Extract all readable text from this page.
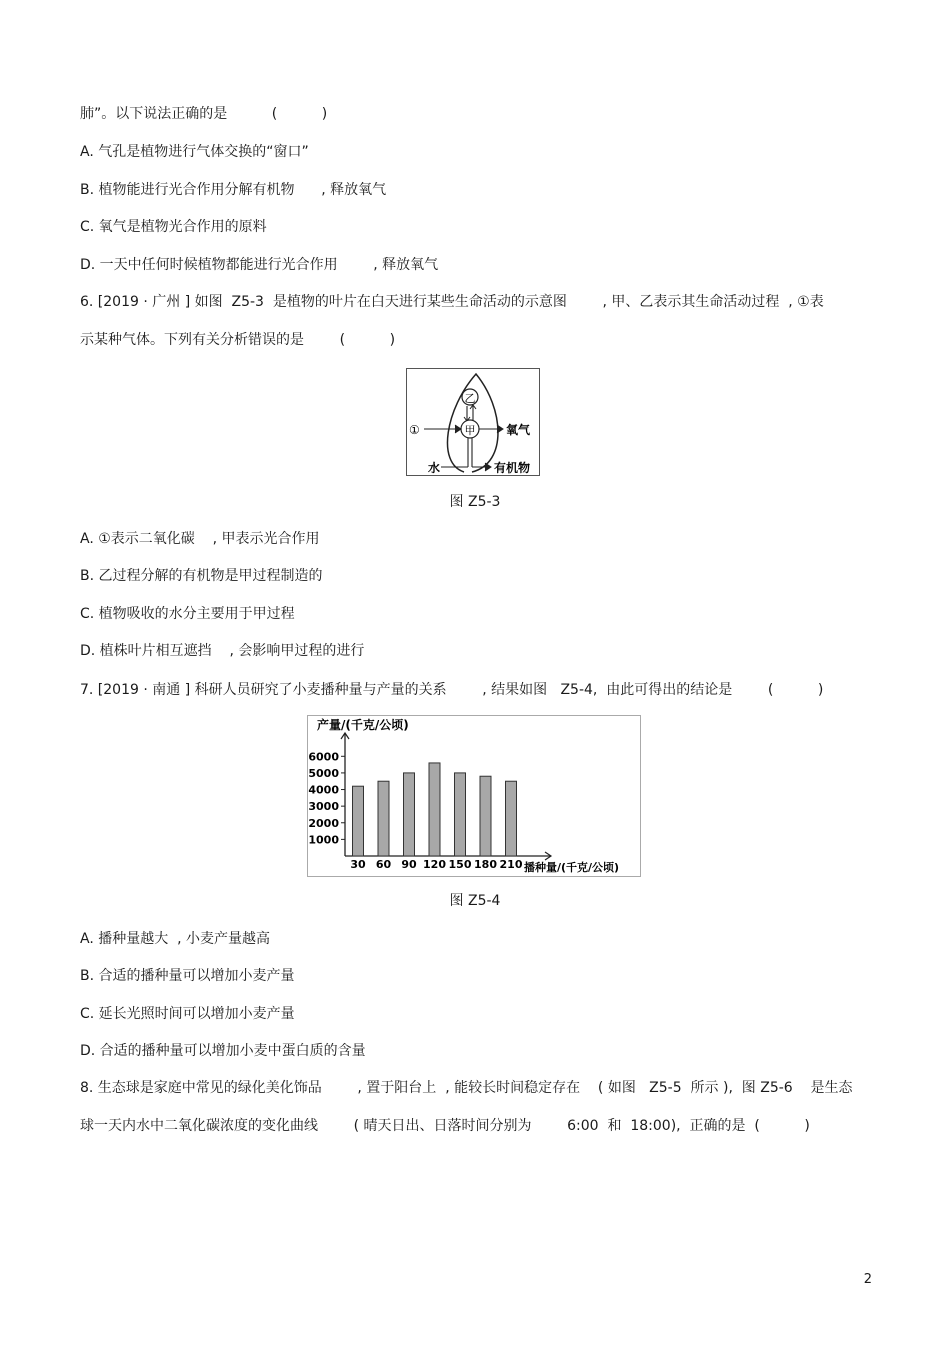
肺”。以下说法正确的是          (          )
A. 气孔是植物进行气体交换的“窗口”
B. 植物能进行光合作用分解有机物      , 释放氧气
C. 氧气是植物光合作用的原料
D. 一天中任何时候植物都能进行光合作用        , 释放氧气
6. [2019 · 广州 ] 如图  Z5-3  是植物的叶片在白天进行某些生命活动的示意图        , 甲、乙表示其生命活动过程  , ①表
示某种气体。下列有关分析错误的是        (          )
乙
甲
①	氧气
水	有机物
图 Z5-3
A. ①表示二氧化碳    , 甲表示光合作用
B. 乙过程分解的有机物是甲过程制造的
C. 植物吸收的水分主要用于甲过程
D. 植株叶片相互遮挡    , 会影响甲过程的进行
7. [2019 · 南通 ] 科研人员研究了小麦播种量与产量的关系        , 结果如图   Z5-4,  由此可得出的结论是        (          )
产量/(千克/公顷)
播种量/(千克/公顷)
1000
2000
3000
4000
5000
6000
30 60 90 120 150 180 210
图 Z5-4
A. 播种量越大  , 小麦产量越高
B. 合适的播种量可以增加小麦产量
C. 延长光照时间可以增加小麦产量
D. 合适的播种量可以增加小麦中蛋白质的含量
8. 生态球是家庭中常见的绿化美化饰品        , 置于阳台上  , 能较长时间稳定存在    ( 如图   Z5-5  所示 ),  图 Z5-6    是生态
球一天内水中二氧化碳浓度的变化曲线        ( 晴天日出、日落时间分别为        6:00  和  18:00),  正确的是  (          )
2
